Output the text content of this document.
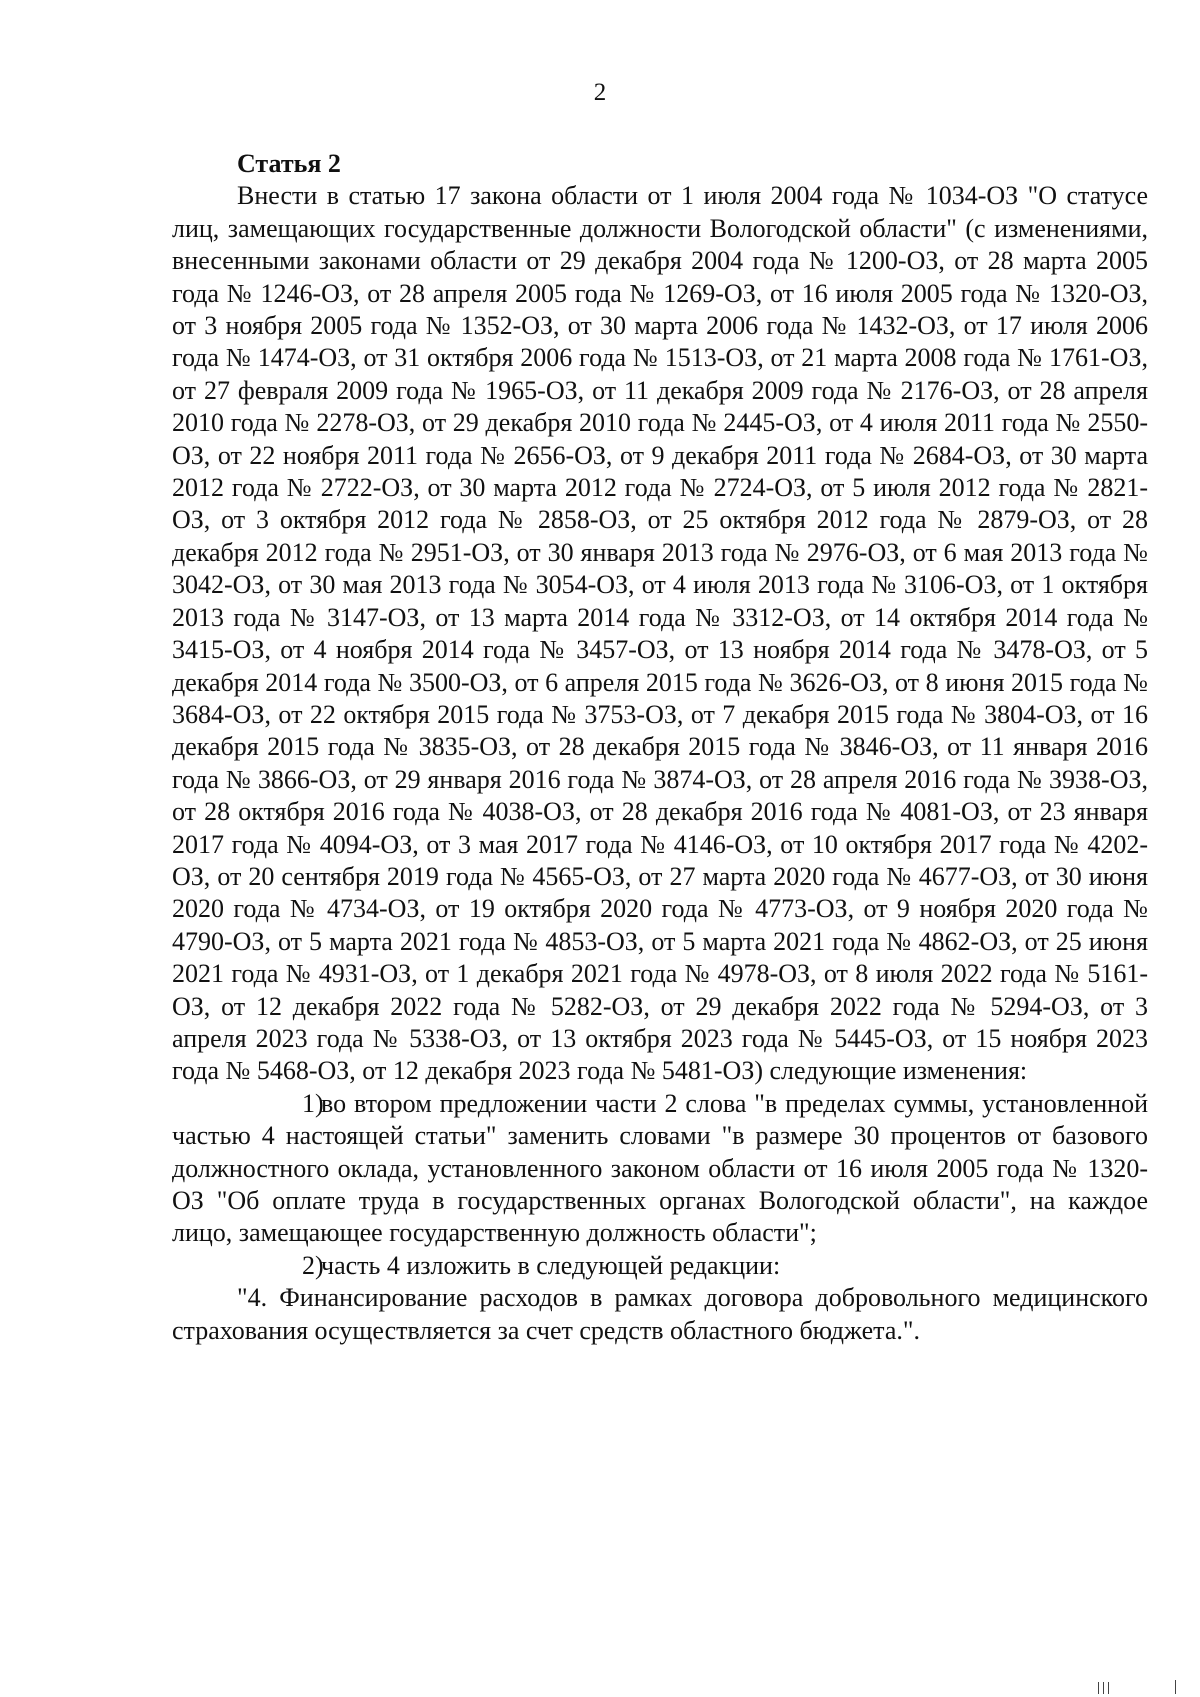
2

Статья 2

Внести в статью 17 закона области от 1 июля 2004 года № 1034-ОЗ "О статусе лиц, замещающих государственные должности Вологодской области" (с изменениями, внесенными законами области от 29 декабря 2004 года № 1200-ОЗ, от 28 марта 2005 года № 1246-ОЗ, от 28 апреля 2005 года № 1269-ОЗ, от 16 июля 2005 года № 1320-ОЗ, от 3 ноября 2005 года № 1352-ОЗ, от 30 марта 2006 года № 1432-ОЗ, от 17 июля 2006 года № 1474-ОЗ, от 31 октября 2006 года № 1513-ОЗ, от 21 марта 2008 года № 1761-ОЗ, от 27 февраля 2009 года № 1965-ОЗ, от 11 декабря 2009 года № 2176-ОЗ, от 28 апреля 2010 года № 2278-ОЗ, от 29 декабря 2010 года № 2445-ОЗ, от 4 июля 2011 года № 2550-ОЗ, от 22 ноября 2011 года № 2656-ОЗ, от 9 декабря 2011 года № 2684-ОЗ, от 30 марта 2012 года № 2722-ОЗ, от 30 марта 2012 года № 2724-ОЗ, от 5 июля 2012 года № 2821-ОЗ, от 3 октября 2012 года № 2858-ОЗ, от 25 октября 2012 года № 2879-ОЗ, от 28 декабря 2012 года № 2951-ОЗ, от 30 января 2013 года № 2976-ОЗ, от 6 мая 2013 года № 3042-ОЗ, от 30 мая 2013 года № 3054-ОЗ, от 4 июля 2013 года № 3106-ОЗ, от 1 октября 2013 года № 3147-ОЗ, от 13 марта 2014 года № 3312-ОЗ, от 14 октября 2014 года № 3415-ОЗ, от 4 ноября 2014 года № 3457-ОЗ, от 13 ноября 2014 года № 3478-ОЗ, от 5 декабря 2014 года № 3500-ОЗ, от 6 апреля 2015 года № 3626-ОЗ, от 8 июня 2015 года № 3684-ОЗ, от 22 октября 2015 года № 3753-ОЗ, от 7 декабря 2015 года № 3804-ОЗ, от 16 декабря 2015 года № 3835-ОЗ, от 28 декабря 2015 года № 3846-ОЗ, от 11 января 2016 года № 3866-ОЗ, от 29 января 2016 года № 3874-ОЗ, от 28 апреля 2016 года № 3938-ОЗ, от 28 октября 2016 года № 4038-ОЗ, от 28 декабря 2016 года № 4081-ОЗ, от 23 января 2017 года № 4094-ОЗ, от 3 мая 2017 года № 4146-ОЗ, от 10 октября 2017 года № 4202-ОЗ, от 20 сентября 2019 года № 4565-ОЗ, от 27 марта 2020 года № 4677-ОЗ, от 30 июня 2020 года № 4734-ОЗ, от 19 октября 2020 года № 4773-ОЗ, от 9 ноября 2020 года № 4790-ОЗ, от 5 марта 2021 года № 4853-ОЗ, от 5 марта 2021 года № 4862-ОЗ, от 25 июня 2021 года № 4931-ОЗ, от 1 декабря 2021 года № 4978-ОЗ, от 8 июля 2022 года № 5161-ОЗ, от 12 декабря 2022 года № 5282-ОЗ, от 29 декабря 2022 года № 5294-ОЗ, от 3 апреля 2023 года № 5338-ОЗ, от 13 октября 2023 года № 5445-ОЗ, от 15 ноября 2023 года № 5468-ОЗ, от 12 декабря 2023 года № 5481-ОЗ) следующие изменения:

1)во втором предложении части 2 слова "в пределах суммы, установленной частью 4 настоящей статьи" заменить словами "в размере 30 процентов от базового должностного оклада, установленного законом области от 16 июля 2005 года № 1320-ОЗ "Об оплате труда в государственных органах Вологодской области", на каждое лицо, замещающее государственную должность области";

2)часть 4 изложить в следующей редакции:

"4. Финансирование расходов в рамках договора добровольного медицинского страхования осуществляется за счет средств областного бюджета.".
